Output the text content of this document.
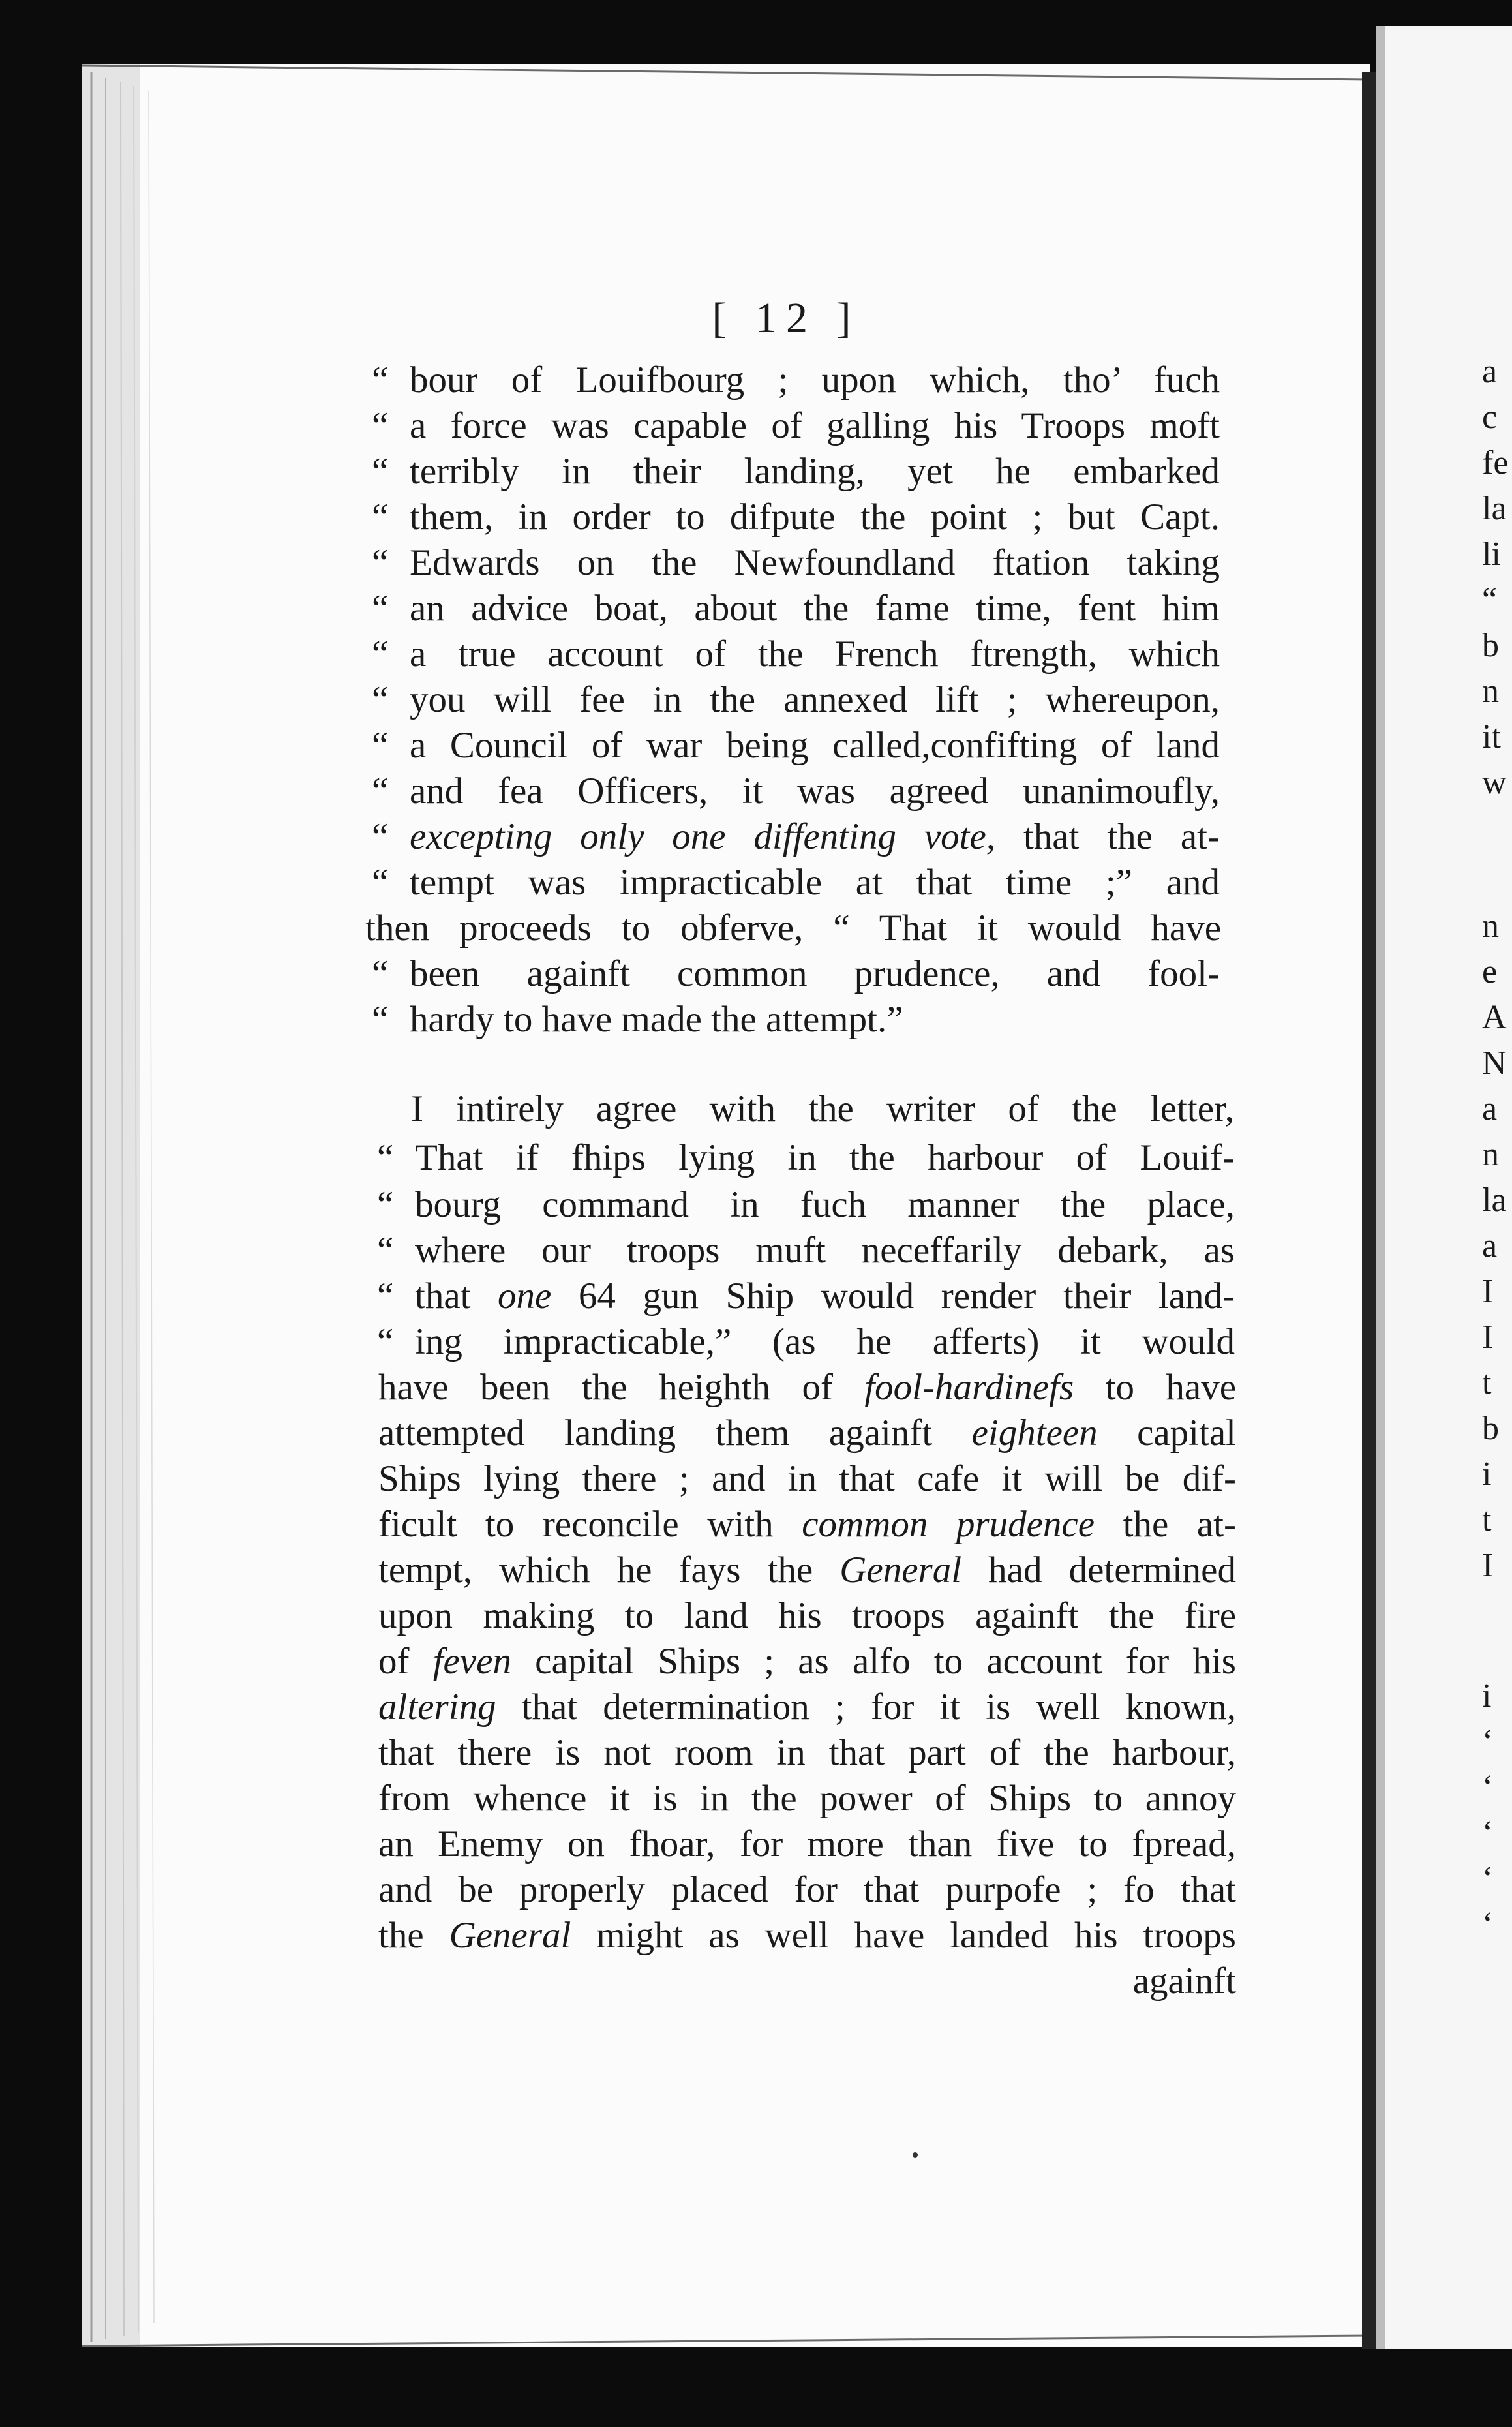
[ 12 ]
“ bour of Louifbourg ; upon which, tho’ fuch
“ a force was capable of galling his Troops moft
“ terribly in their landing, yet he embarked
“ them, in order to difpute the point ; but Capt.
“ Edwards on the Newfoundland ftation taking
“ an advice boat, about the fame time, fent him
“ a true account of the French ftrength, which
“ you will fee in the annexed lift ; whereupon,
“ a Council of war being called,confifting of land
“ and fea Officers, it was agreed unanimoufly,
“ excepting only one diffenting vote, that the at-
“ tempt was impracticable at that time ;” and
then proceeds to obferve, “ That it would have
“ been againft common prudence, and fool-
“ hardy to have made the attempt.”
I intirely agree with the writer of the letter,
“ That if fhips lying in the harbour of Louif-
“ bourg command in fuch manner the place,
“ where our troops muft neceffarily debark, as
“ that one 64 gun Ship would render their land-
“ ing impracticable,” (as he afferts) it would
have been the heighth of fool-hardinefs to have
attempted landing them againft eighteen capital
Ships lying there ; and in that cafe it will be dif-
ficult to reconcile with common prudence the at-
tempt, which he fays the General had determined
upon making to land his troops againft the fire
of feven capital Ships ; as alfo to account for his
altering that determination ; for it is well known,
that there is not room in that part of the harbour,
from whence it is in the power of Ships to annoy
an Enemy on fhoar, for more than five to fpread,
and be properly placed for that purpofe ; fo that
the General might as well have landed his troops
againft
a
c
fe
la
li
“
b
n
it
w
n
e
A
N
a
n
la
a
I
I
t
b
i
t
I
i
‘
‘
‘
‘
‘
